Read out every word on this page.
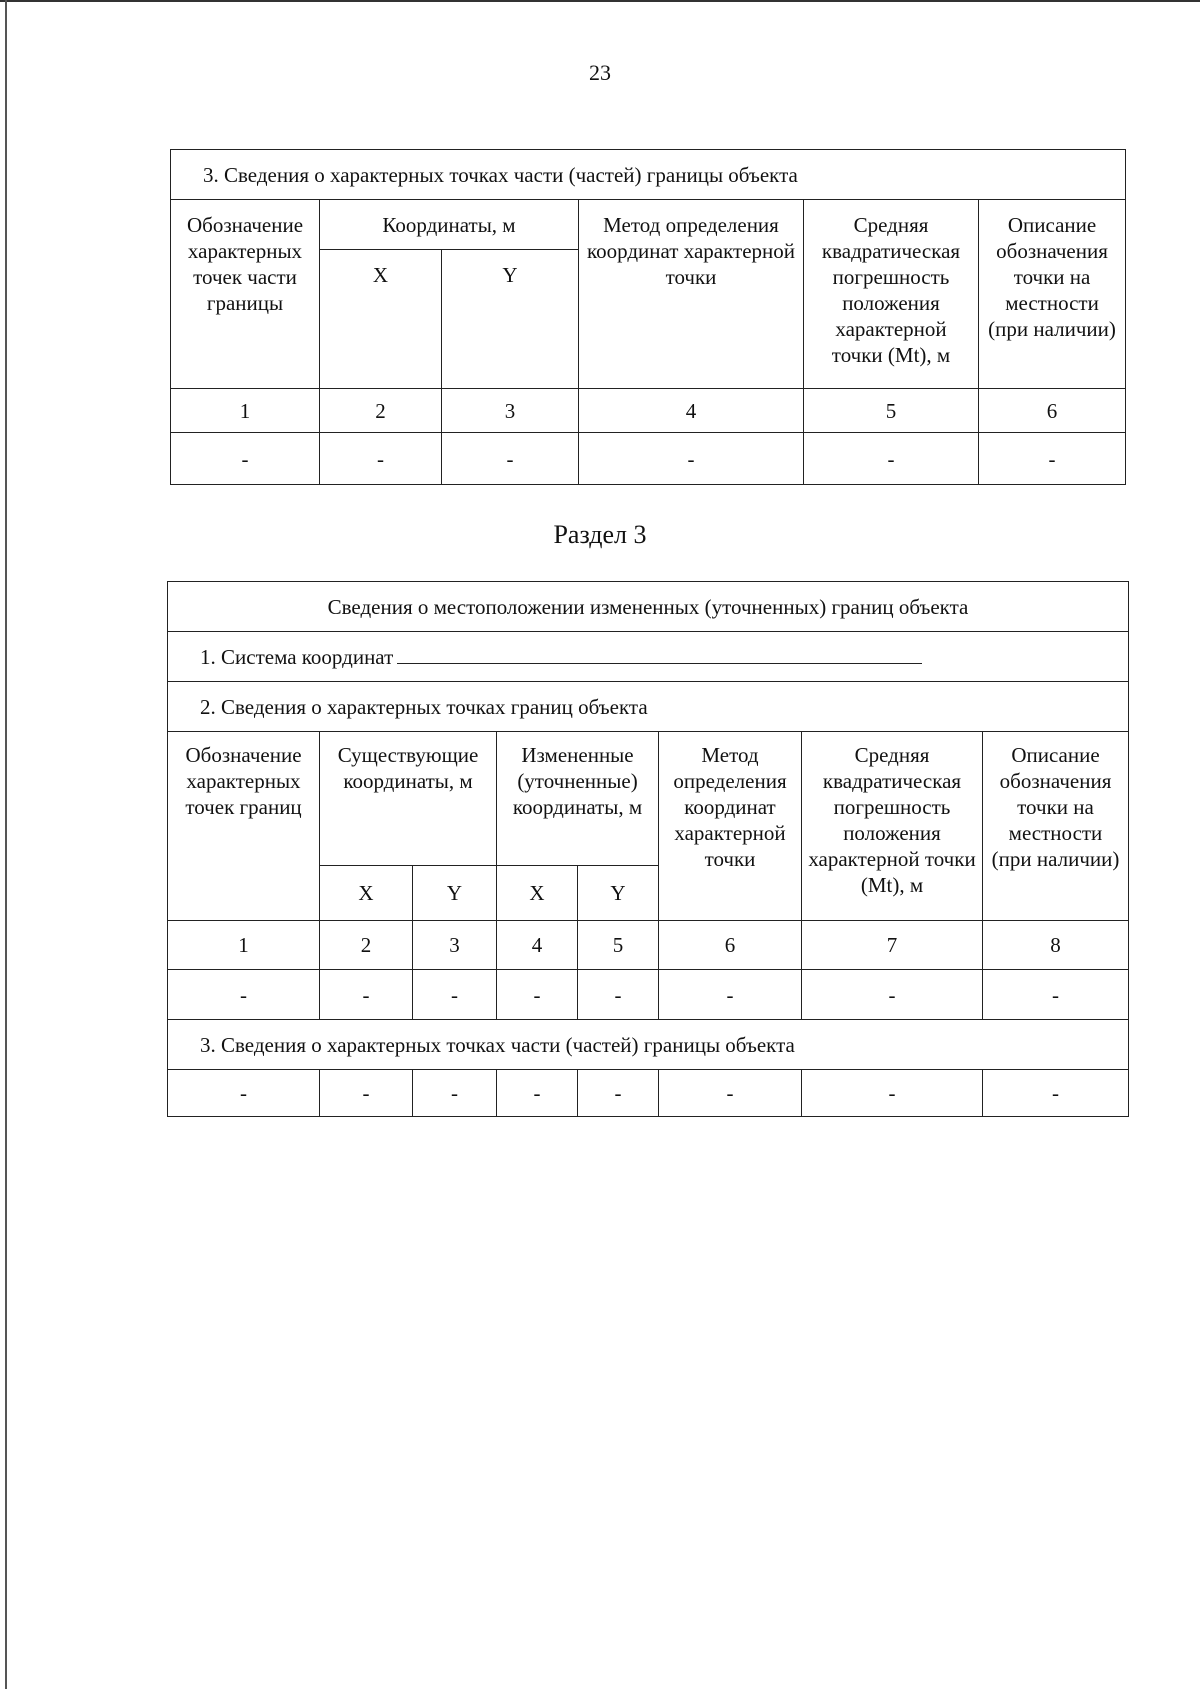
23
3. Сведения о характерных точках части (частей) границы объекта					
Обозначение характерных точек части границы	Координаты, м		Метод определения координат характерной точки	Средняя квадратическая погрешность положения характерной точки (Mt), м	Описание обозначения точки на местности (при наличии)
	X	Y			
1	2	3	4	5	6
-	-	-	-	-	-
Раздел 3
Сведения о местоположении измененных (уточненных) границ объекта							
1. Система координат							
2. Сведения о характерных точках границ объекта							
Обозначение характерных точек границ	Существующие координаты, м		Измененные (уточненные) координаты, м		Метод определения координат характерной точки	Средняя квадратическая погрешность положения характерной точки (Mt), м	Описание обозначения точки на местности (при наличии)
	X	Y	X	Y			
1	2	3	4	5	6	7	8
-	-	-	-	-	-	-	-
3. Сведения о характерных точках части (частей) границы объекта							
-	-	-	-	-	-	-	-
